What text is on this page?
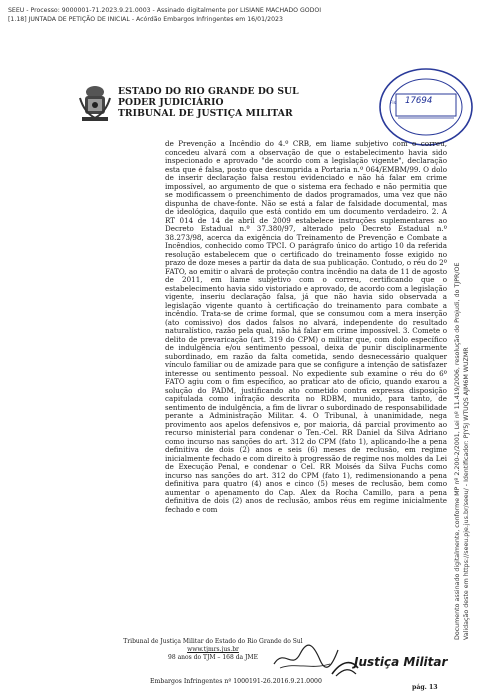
SEEU - Processo: 9000001-71.2023.9.21.0003 - Assinado digitalmente por LISIANE MACHADO GODOI
[1.18] JUNTADA DE PETIÇÃO DE INICIAL - Acórdão Embargos Infringentes em 16/01/2023
ESTADO DO RIO GRANDE DO SUL
PODER JUDICIÁRIO
TRIBUNAL DE JUSTIÇA MILITAR
Fls 17694
Documento assinado digitalmente, conforme MP nº 2.200-2/2001, Lei nº 11.419/2006, resolução do Projudi, do TJPR/OE Validação deste em https://seeu.pje.jus.br/seeu/ - Identificador: PJY5J WTUQS AJM6M WUZMR

de Prevenção a Incêndio do 4.º CRB, em liame subjetivo com o correu, concedeu alvará com a observação de que o estabelecimento havia sido inspecionado e aprovado "de acordo com a legislação vigente", declaração esta que é falsa, posto que descumprida a Portaria n.º 064/EMBM/99. O dolo de inserir declaração falsa restou evidenciado e não há falar em crime impossível, ao argumento de que o sistema era fechado e não permitia que se modificassem o preenchimento de dados programados, uma vez que não dispunha de chave-fonte. Não se está a falar de falsidade documental, mas de ideológica, daquilo que está contido em um documento verdadeiro. 2. A RT 014 de 14 de abril de 2009 estabelece instruções suplementares ao Decreto Estadual n.º 37.380/97, alterado pelo Decreto Estadual n.º 38.273/98, acerca da exigência do Treinamento de Prevenção e Combate a Incêndios, conhecido como TPCI. O parágrafo único do artigo 10 da referida resolução estabelecem que o certificado do treinamento fosse exigido no prazo de doze meses a partir da data de sua publicação. Contudo, o réu do 2º FATO, ao emitir o alvará de proteção contra incêndio na data de 11 de agosto de 2011, em liame subjetivo com o correu, certificando que o estabelecimento havia sido vistoriado e aprovado, de acordo com a legislação vigente, inseriu declaração falsa, já que não havia sido observada a legislação vigente quanto à certificação do treinamento para combate a incêndio. Trata-se de crime formal, que se consumou com a mera inserção (ato comissivo) dos dados falsos no alvará, independente do resultado naturalístico, razão pela qual, não há falar em crime impossível. 3. Comete o delito de prevaricação (art. 319 do CPM) o militar que, com dolo específico de indulgência e/ou sentimento pessoal, deixa de punir disciplinarmente subordinado, em razão da falta cometida, sendo desnecessário qualquer vínculo familiar ou de amizade para que se configure a intenção de satisfazer interesse ou sentimento pessoal. No expediente sub examine o réu do 6º FATO agiu com o fim específico, ao praticar ato de ofício, quando exarou a solução do PADM, justificando ato cometido contra expressa disposição capitulada como infração descrita no RDBM, munido, para tanto, de sentimento de indulgência, a fim de livrar o subordinado de responsabilidade perante a Administração Militar. 4. O Tribunal, à unanimidade, nega provimento aos apelos defensivos e, por maioria, dá parcial provimento ao recurso ministerial para condenar o Ten.-Cel. RR Daniel da Silva Adriano como incurso nas sanções do art. 312 do CPM (fato 1), aplicando-lhe a pena definitiva de dois (2) anos e seis (6) meses de reclusão, em regime inicialmente fechado e com direito à progressão de regime nos moldes da Lei de Execução Penal, e condenar o Cel. RR Moisés da Silva Fuchs como incurso nas sanções do art. 312 do CPM (fato 1), redimensionando a pena definitiva para quatro (4) anos e cinco (5) meses de reclusão, bem como aumentar o apenamento do Cap. Alex da Rocha Camillo, para a pena definitiva de dois (2) anos de reclusão, ambos réus em regime inicialmente fechado e com

Tribunal de Justiça Militar do Estado do Rio Grande do Sul
www.tjmrs.jus.br
98 anos do TJM – 168 da JME	Justiça Militar
Embargos Infringentes nº 1000191-26.2016.9.21.0000
pág. 13
